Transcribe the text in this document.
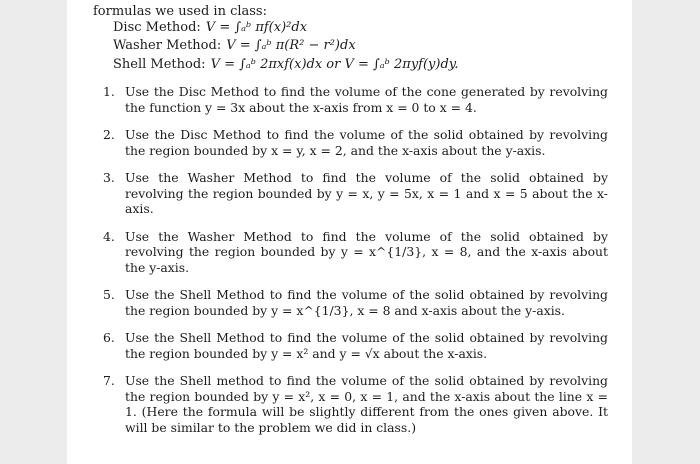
formulas we used in class:
Disc Method: V = ∫ₐᵇ πf(x)²dx
Washer Method: V = ∫ₐᵇ π(R² − r²)dx
Shell Method: V = ∫ₐᵇ 2πxf(x)dx or V = ∫ₐᵇ 2πyf(y)dy.
1. Use the Disc Method to find the volume of the cone generated by revolving the function y = 3x about the x-axis from x = 0 to x = 4.
2. Use the Disc Method to find the volume of the solid obtained by revolving the region bounded by x = y, x = 2, and the x-axis about the y-axis.
3. Use the Washer Method to find the volume of the solid obtained by revolving the region bounded by y = x, y = 5x, x = 1 and x = 5 about the x-axis.
4. Use the Washer Method to find the volume of the solid obtained by revolving the region bounded by y = x^{1/3}, x = 8, and the x-axis about the y-axis.
5. Use the Shell Method to find the volume of the solid obtained by revolving the region bounded by y = x^{1/3}, x = 8 and x-axis about the y-axis.
6. Use the Shell Method to find the volume of the solid obtained by revolving the region bounded by y = x² and y = √x about the x-axis.
7. Use the Shell method to find the volume of the solid obtained by revolving the region bounded by y = x², x = 0, x = 1, and the x-axis about the line x = 1. (Here the formula will be slightly different from the ones given above. It will be similar to the problem we did in class.)
